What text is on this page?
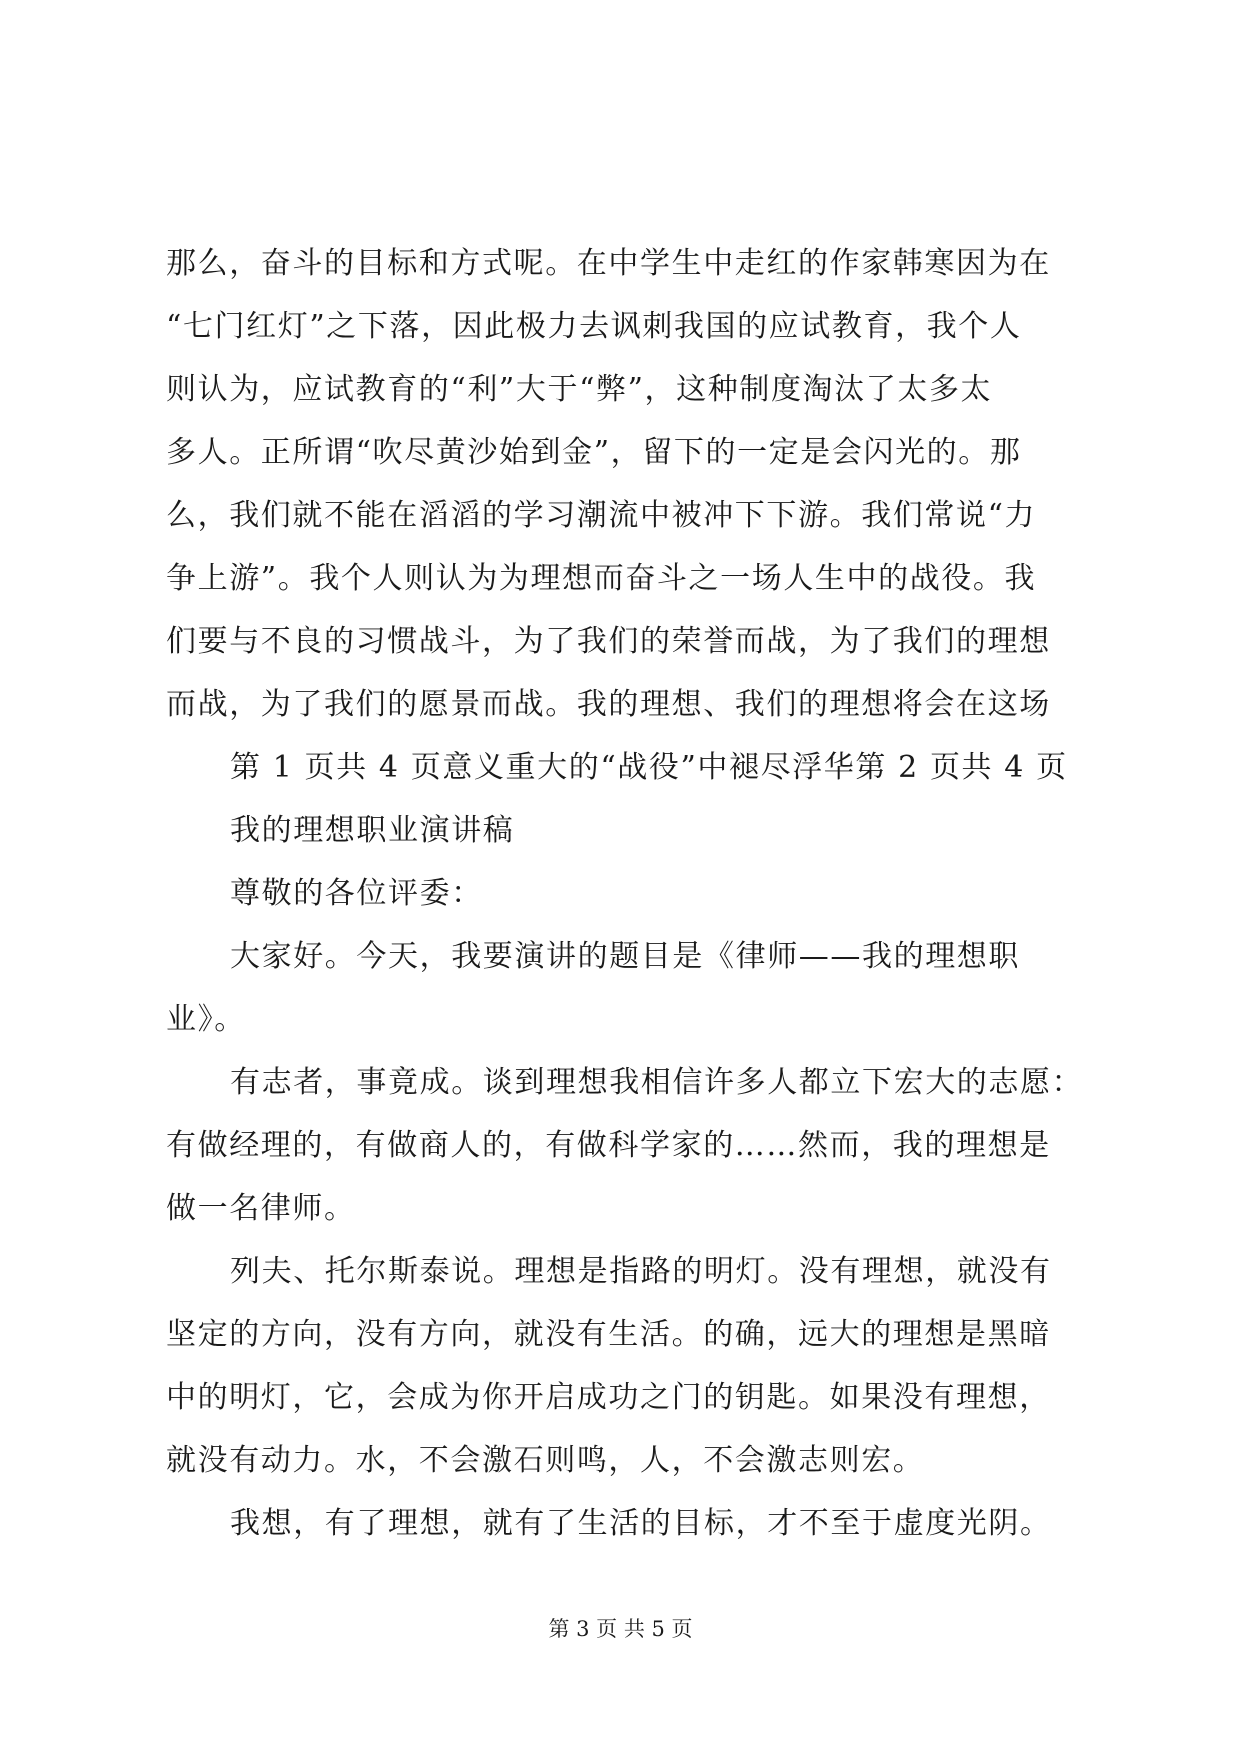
那么，奋斗的目标和方式呢。在中学生中走红的作家韩寒因为在
“七门红灯”之下落，因此极力去讽刺我国的应试教育，我个人
则认为，应试教育的“利”大于“弊”，这种制度淘汰了太多太
多人。正所谓“吹尽黄沙始到金”，留下的一定是会闪光的。那
么，我们就不能在滔滔的学习潮流中被冲下下游。我们常说“力
争上游”。我个人则认为为理想而奋斗之一场人生中的战役。我
们要与不良的习惯战斗，为了我们的荣誉而战，为了我们的理想
而战，为了我们的愿景而战。我的理想、我们的理想将会在这场
第 1 页共 4 页意义重大的“战役”中褪尽浮华第 2 页共 4 页
我的理想职业演讲稿
尊敬的各位评委：
大家好。今天，我要演讲的题目是《律师——我的理想职
业》。
有志者，事竟成。谈到理想我相信许多人都立下宏大的志愿：
有做经理的，有做商人的，有做科学家的……然而，我的理想是
做一名律师。
列夫、托尔斯泰说。理想是指路的明灯。没有理想，就没有
坚定的方向，没有方向，就没有生活。的确，远大的理想是黑暗
中的明灯，它，会成为你开启成功之门的钥匙。如果没有理想，
就没有动力。水，不会激石则鸣，人，不会激志则宏。
我想，有了理想，就有了生活的目标，才不至于虚度光阴。
第 3 页 共 5 页
